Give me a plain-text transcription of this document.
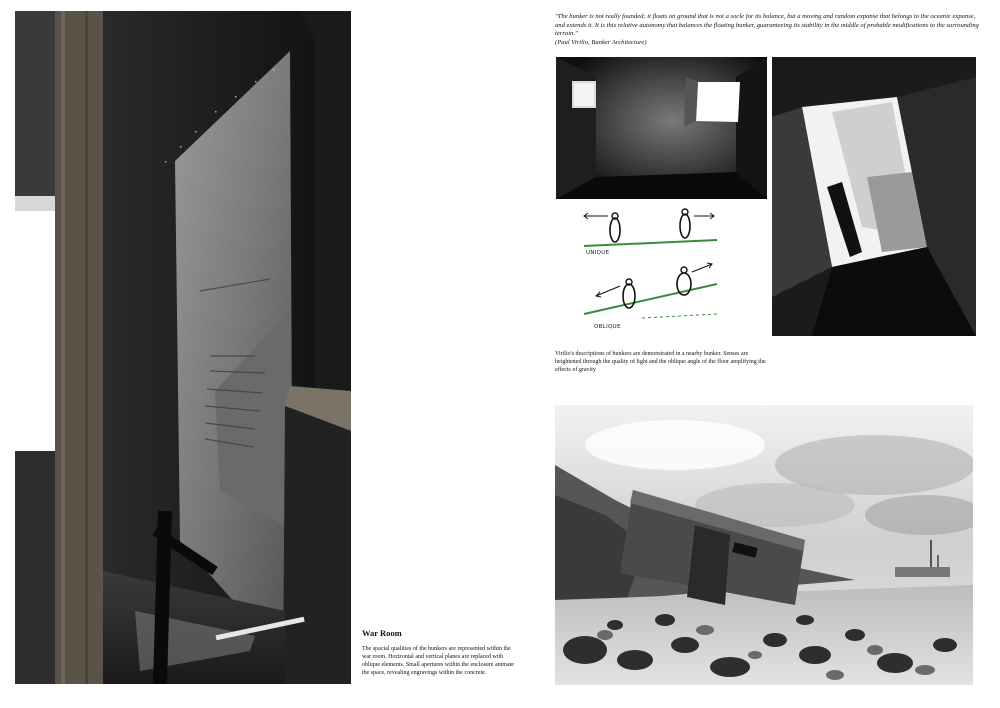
War Room
The spacial qualities of the bunkers are represented within the war room. Horizontal and vertical planes are replaced with oblique elements. Small apertures within the enclosure animate the space, revealing engravings within the concrete.
"The bunker is not really founded; it floats on ground that is not a socle for its balance, but a moving and random expanse that belongs to the oceanic expanse, and extends it. It is this relative autonomy that balances the floating bunker, guaranteeing its stability in the middle of probable modifications to the surrounding terrain."
(Paul Virilio, Bunker Architecture)
UNIQUE
OBLIQUE
Virilio's descriptions of bunkers are demonstrated in a nearby bunker. Senses are heightened through the quality of light and the oblique angle of the floor amplifying the effects of gravity
